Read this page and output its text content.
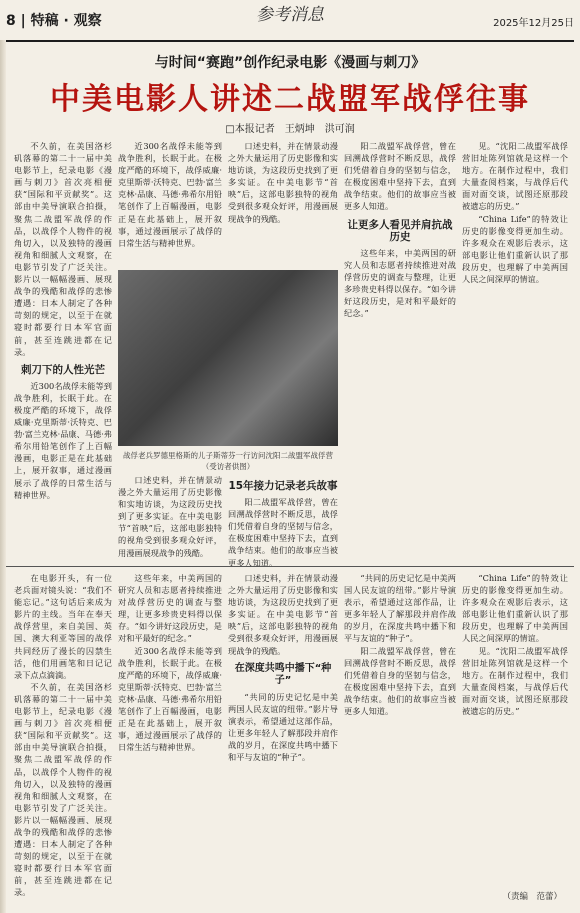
8 | 特稿 · 观察	参考消息	2025年12月25日
与时间“赛跑”创作纪录电影《漫画与刺刀》
中美电影人讲述二战盟军战俘往事
□本报记者　王炳坤　洪可润

不久前，在美国洛杉矶落幕的第二十一届中美电影节上，纪录电影《漫画与刺刀》首次亮相便获“国际和平贡献奖”。这部由中美导演联合拍摄，聚焦二战盟军战俘的作品，以战俘个人物件的视角切入，以及独特的漫画视角和细腻人文观察，在电影节引发了广泛关注。影片以一幅幅漫画、展现战争的残酷和战俘的悲惨遭遇：日本人制定了各种苛刻的规定，以至于在就寝时都要行日本军官面前，甚至连跳进都在记录。

刺刀下的人性光芒

近300名战俘未能等到战争胜利，长眠于此。在极度严酷的环境下，战俘威廉·克里斯蒂·沃特克、巴勃·富兰克林·品康、马德·弗希尔用铅笔创作了上百幅漫画，电影正是在此基础上，展开叙事，通过漫画展示了战俘的日常生活与精神世界。

近300名战俘未能等到战争胜利，长眠于此。在极度严酷的环境下，战俘威廉·克里斯蒂·沃特克、巴勃·富兰克林·品康、马德·弗希尔用铅笔创作了上百幅漫画，电影正是在此基础上，展开叙事，通过漫画展示了战俘的日常生活与精神世界。

口述史料，并在情景动漫之外大量运用了历史影像和实地访谈，为这段历史找到了更多实证。在中美电影节“首映”后，这部电影独特的视角受到很多观众好评，用漫画展现战争的残酷。

战俘老兵罗德里格斯的儿子斯蒂芬一行访问沈阳二战盟军战俘营（受访者供图）

口述史料，并在情景动漫之外大量运用了历史影像和实地访谈，为这段历史找到了更多实证。在中美电影节“首映”后，这部电影独特的视角受到很多观众好评，用漫画展现战争的残酷。

15年接力记录老兵故事

阳二战盟军战俘营，曾在回溯战俘营时不断反思，战俘们凭借着自身的坚韧与信念，在极度困难中坚持下去，直到战争结束。他们的故事应当被更多人知道。

阳二战盟军战俘营，曾在回溯战俘营时不断反思，战俘们凭借着自身的坚韧与信念，在极度困难中坚持下去，直到战争结束。他们的故事应当被更多人知道。

让更多人看见并肩抗战历史

这些年来，中美两国的研究人员和志愿者持续推进对战俘营历史的调查与整理，让更多珍贵史料得以保存。“如今讲好这段历史，是对和平最好的纪念。”

见。“沈阳二战盟军战俘营旧址陈列馆就是这样一个地方。在制作过程中，我们大量查阅档案，与战俘后代面对面交谈，试图还原那段被遗忘的历史。”

“China Life”的特效让历史的影像变得更加生动。许多观众在观影后表示，这部电影让他们重新认识了那段历史，也理解了中美两国人民之间深厚的情谊。

在电影开头，有一位老兵面对镜头说：“我们不能忘记。”这句话后来成为影片的主线。当年在奉天战俘营里，来自美国、英国、澳大利亚等国的战俘共同经历了漫长的囚禁生活，他们用画笔和日记记录下点点滴滴。

不久前，在美国洛杉矶落幕的第二十一届中美电影节上，纪录电影《漫画与刺刀》首次亮相便获“国际和平贡献奖”。这部由中美导演联合拍摄，聚焦二战盟军战俘的作品，以战俘个人物件的视角切入，以及独特的漫画视角和细腻人文观察，在电影节引发了广泛关注。影片以一幅幅漫画、展现战争的残酷和战俘的悲惨遭遇：日本人制定了各种苛刻的规定，以至于在就寝时都要行日本军官面前，甚至连跳进都在记录。

这些年来，中美两国的研究人员和志愿者持续推进对战俘营历史的调查与整理，让更多珍贵史料得以保存。“如今讲好这段历史，是对和平最好的纪念。”

近300名战俘未能等到战争胜利，长眠于此。在极度严酷的环境下，战俘威廉·克里斯蒂·沃特克、巴勃·富兰克林·品康、马德·弗希尔用铅笔创作了上百幅漫画，电影正是在此基础上，展开叙事，通过漫画展示了战俘的日常生活与精神世界。

口述史料，并在情景动漫之外大量运用了历史影像和实地访谈，为这段历史找到了更多实证。在中美电影节“首映”后，这部电影独特的视角受到很多观众好评，用漫画展现战争的残酷。

在深度共鸣中播下“种子”

“共同的历史记忆是中美两国人民友谊的纽带。”影片导演表示，希望通过这部作品，让更多年轻人了解那段并肩作战的岁月，在深度共鸣中播下和平与友谊的“种子”。

“共同的历史记忆是中美两国人民友谊的纽带。”影片导演表示，希望通过这部作品，让更多年轻人了解那段并肩作战的岁月，在深度共鸣中播下和平与友谊的“种子”。

阳二战盟军战俘营，曾在回溯战俘营时不断反思，战俘们凭借着自身的坚韧与信念，在极度困难中坚持下去，直到战争结束。他们的故事应当被更多人知道。

“China Life”的特效让历史的影像变得更加生动。许多观众在观影后表示，这部电影让他们重新认识了那段历史，也理解了中美两国人民之间深厚的情谊。

见。“沈阳二战盟军战俘营旧址陈列馆就是这样一个地方。在制作过程中，我们大量查阅档案，与战俘后代面对面交谈，试图还原那段被遗忘的历史。”

（责编　范蕾）
